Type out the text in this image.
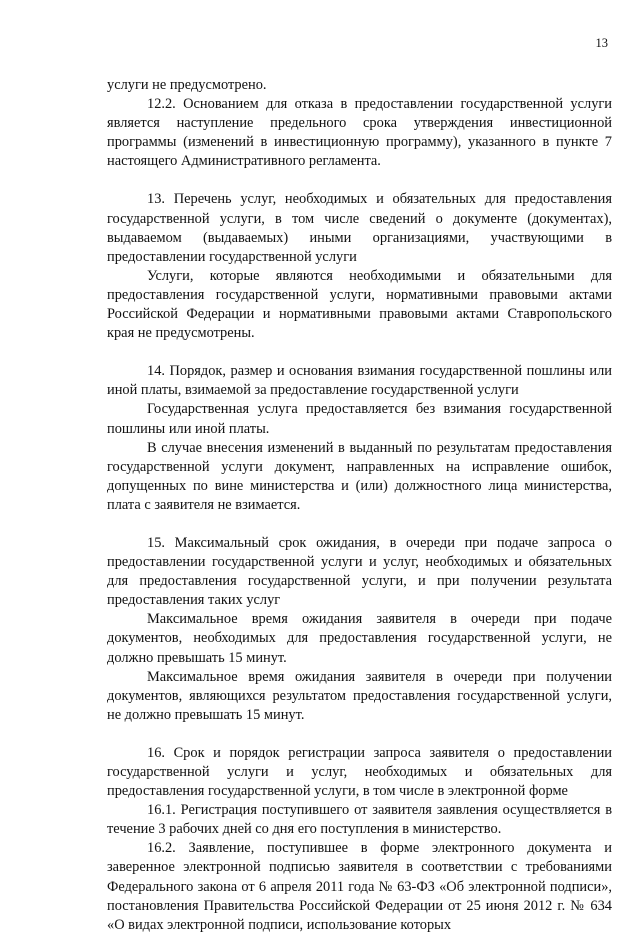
13

услуги не предусмотрено.

12.2. Основанием для отказа в предоставлении государственной услуги является наступление предельного срока утверждения инвестиционной программы (изменений в инвестиционную программу), указанного в пункте 7 настоящего Административного регламента.

13. Перечень услуг, необходимых и обязательных для предоставления государственной услуги, в том числе сведений о документе (документах), выдаваемом (выдаваемых) иными организациями, участвующими в предоставлении государственной услуги

Услуги, которые являются необходимыми и обязательными для предоставления государственной услуги, нормативными правовыми актами Российской Федерации и нормативными правовыми актами Ставропольского края не предусмотрены.

14. Порядок, размер и основания взимания государственной пошлины или иной платы, взимаемой за предоставление государственной услуги

Государственная услуга предоставляется без взимания государственной пошлины или иной платы.

В случае внесения изменений в выданный по результатам предоставления государственной услуги документ, направленных на исправление ошибок, допущенных по вине министерства и (или) должностного лица министерства, плата с заявителя не взимается.

15. Максимальный срок ожидания, в очереди при подаче запроса о предоставлении государственной услуги и услуг, необходимых и обязательных для предоставления государственной услуги, и при получении результата предоставления таких услуг

Максимальное время ожидания заявителя в очереди при подаче документов, необходимых для предоставления государственной услуги, не должно превышать 15 минут.

Максимальное время ожидания заявителя в очереди при получении документов, являющихся результатом предоставления государственной услуги, не должно превышать 15 минут.

16. Срок и порядок регистрации запроса заявителя о предоставлении государственной услуги и услуг, необходимых и обязательных для предоставления государственной услуги, в том числе в электронной форме

16.1. Регистрация поступившего от заявителя заявления осуществляется в течение 3 рабочих дней со дня его поступления в министерство.

16.2. Заявление, поступившее в форме электронного документа и заверенное электронной подписью заявителя в соответствии с требованиями Федерального закона от 6 апреля 2011 года № 63-ФЗ «Об электронной подписи», постановления Правительства Российской Федерации от 25 июня 2012 г. № 634 «О видах электронной подписи, использование которых
